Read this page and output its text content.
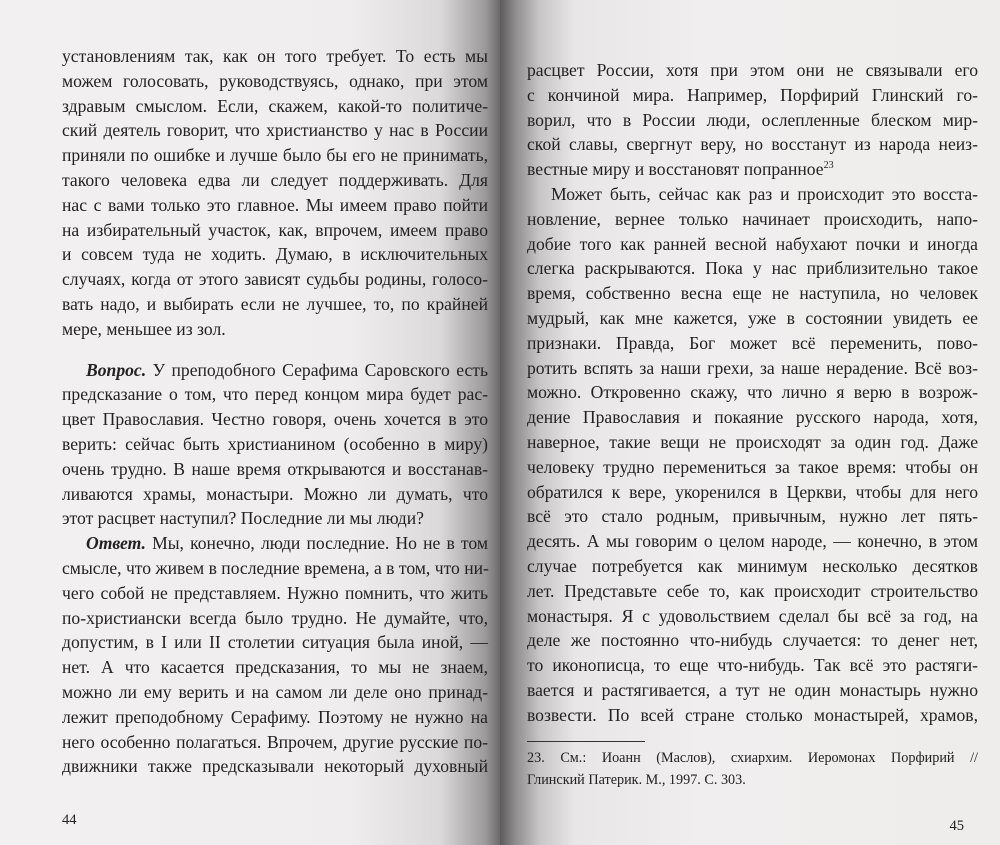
установлениям так, как он того требует. То есть мы
можем голосовать, руководствуясь, однако, при этом
здравым смыслом. Если, скажем, какой-то политиче-
ский деятель говорит, что христианство у нас в России
приняли по ошибке и лучше было бы его не принимать,
такого человека едва ли следует поддерживать. Для
нас с вами только это главное. Мы имеем право пойти
на избирательный участок, как, впрочем, имеем право
и совсем туда не ходить. Думаю, в исключительных
случаях, когда от этого зависят судьбы родины, голосо-
вать надо, и выбирать если не лучшее, то, по крайней
мере, меньшее из зол.
Вопрос. У преподобного Серафима Саровского есть
предсказание о том, что перед концом мира будет рас-
цвет Православия. Честно говоря, очень хочется в это
верить: сейчас быть христианином (особенно в миру)
очень трудно. В наше время открываются и восстанав-
ливаются храмы, монастыри. Можно ли думать, что
этот расцвет наступил? Последние ли мы люди?
Ответ. Мы, конечно, люди последние. Но не в том
смысле, что живем в последние времена, а в том, что ни-
чего собой не представляем. Нужно помнить, что жить
по-христиански всегда было трудно. Не думайте, что,
допустим, в I или II столетии ситуация была иной, —
нет. А что касается предсказания, то мы не знаем,
можно ли ему верить и на самом ли деле оно принад-
лежит преподобному Серафиму. Поэтому не нужно на
него особенно полагаться. Впрочем, другие русские по-
движники также предсказывали некоторый духовный
44
расцвет России, хотя при этом они не связывали его
с кончиной мира. Например, Порфирий Глинский го-
ворил, что в России люди, ослепленные блеском мир-
ской славы, свергнут веру, но восстанут из народа неиз-
вестные миру и восстановят попранное$^{23}$
Может быть, сейчас как раз и происходит это восста-
новление, вернее только начинает происходить, напо-
добие того как ранней весной набухают почки и иногда
слегка раскрываются. Пока у нас приблизительно такое
время, собственно весна еще не наступила, но человек
мудрый, как мне кажется, уже в состоянии увидеть ее
признаки. Правда, Бог может всё переменить, пово-
ротить вспять за наши грехи, за наше нерадение. Всё воз-
можно. Откровенно скажу, что лично я верю в возрож-
дение Православия и покаяние русского народа, хотя,
наверное, такие вещи не происходят за один год. Даже
человеку трудно перемениться за такое время: чтобы он
обратился к вере, укоренился в Церкви, чтобы для него
всё это стало родным, привычным, нужно лет пять-
десять. А мы говорим о целом народе, — конечно, в этом
случае потребуется как минимум несколько десятков
лет. Представьте себе то, как происходит строительство
монастыря. Я с удовольствием сделал бы всё за год, на
деле же постоянно что-нибудь случается: то денег нет,
то иконописца, то еще что-нибудь. Так всё это растяги-
вается и растягивается, а тут не один монастырь нужно
возвести. По всей стране столько монастырей, храмов,
23. См.: Иоанн (Маслов), схиархим. Иеромонах Порфирий //
Глинский Патерик. М., 1997. С. 303.
45
